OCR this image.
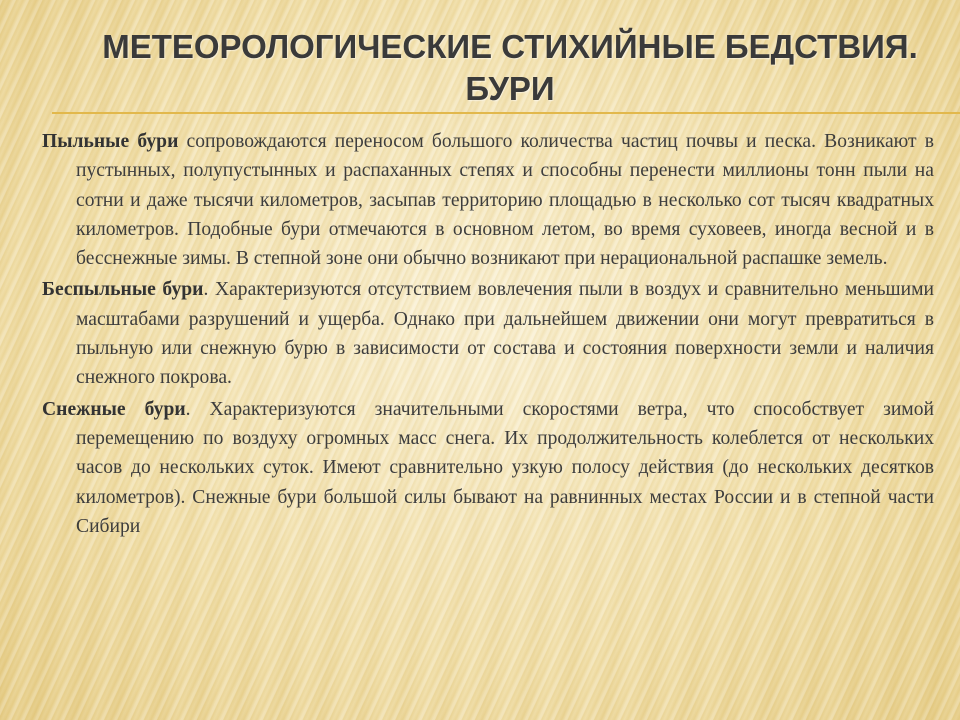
МЕТЕОРОЛОГИЧЕСКИЕ СТИХИЙНЫЕ БЕДСТВИЯ.
БУРИ

Пыльные бури сопровождаются переносом большого количества частиц почвы и песка. Возникают в пустынных, полупустынных и распаханных степях и способны перенести миллионы тонн пыли на сотни и даже тысячи километров, засыпав территорию площадью в несколько сот тысяч квадратных километров. Подобные бури отмечаются в основном летом, во время суховеев, иногда весной и в бесснежные зимы. В степной зоне они обычно возникают при нерациональной распашке земель.

Беспыльные бури. Характеризуются отсутствием вовлечения пыли в воздух и сравнительно меньшими масштабами разрушений и ущерба. Однако при дальнейшем движении они могут превратиться в пыльную или снежную бурю в зависимости от состава и состояния поверхности земли и наличия снежного покрова.

Снежные бури. Характеризуются значительными скоростями ветра, что способствует зимой перемещению по воздуху огромных масс снега. Их продолжительность колеблется от нескольких часов до нескольких суток. Имеют сравнительно узкую полосу действия (до нескольких десятков километров). Снежные бури большой силы бывают на равнинных местах России и в степной части Сибири
